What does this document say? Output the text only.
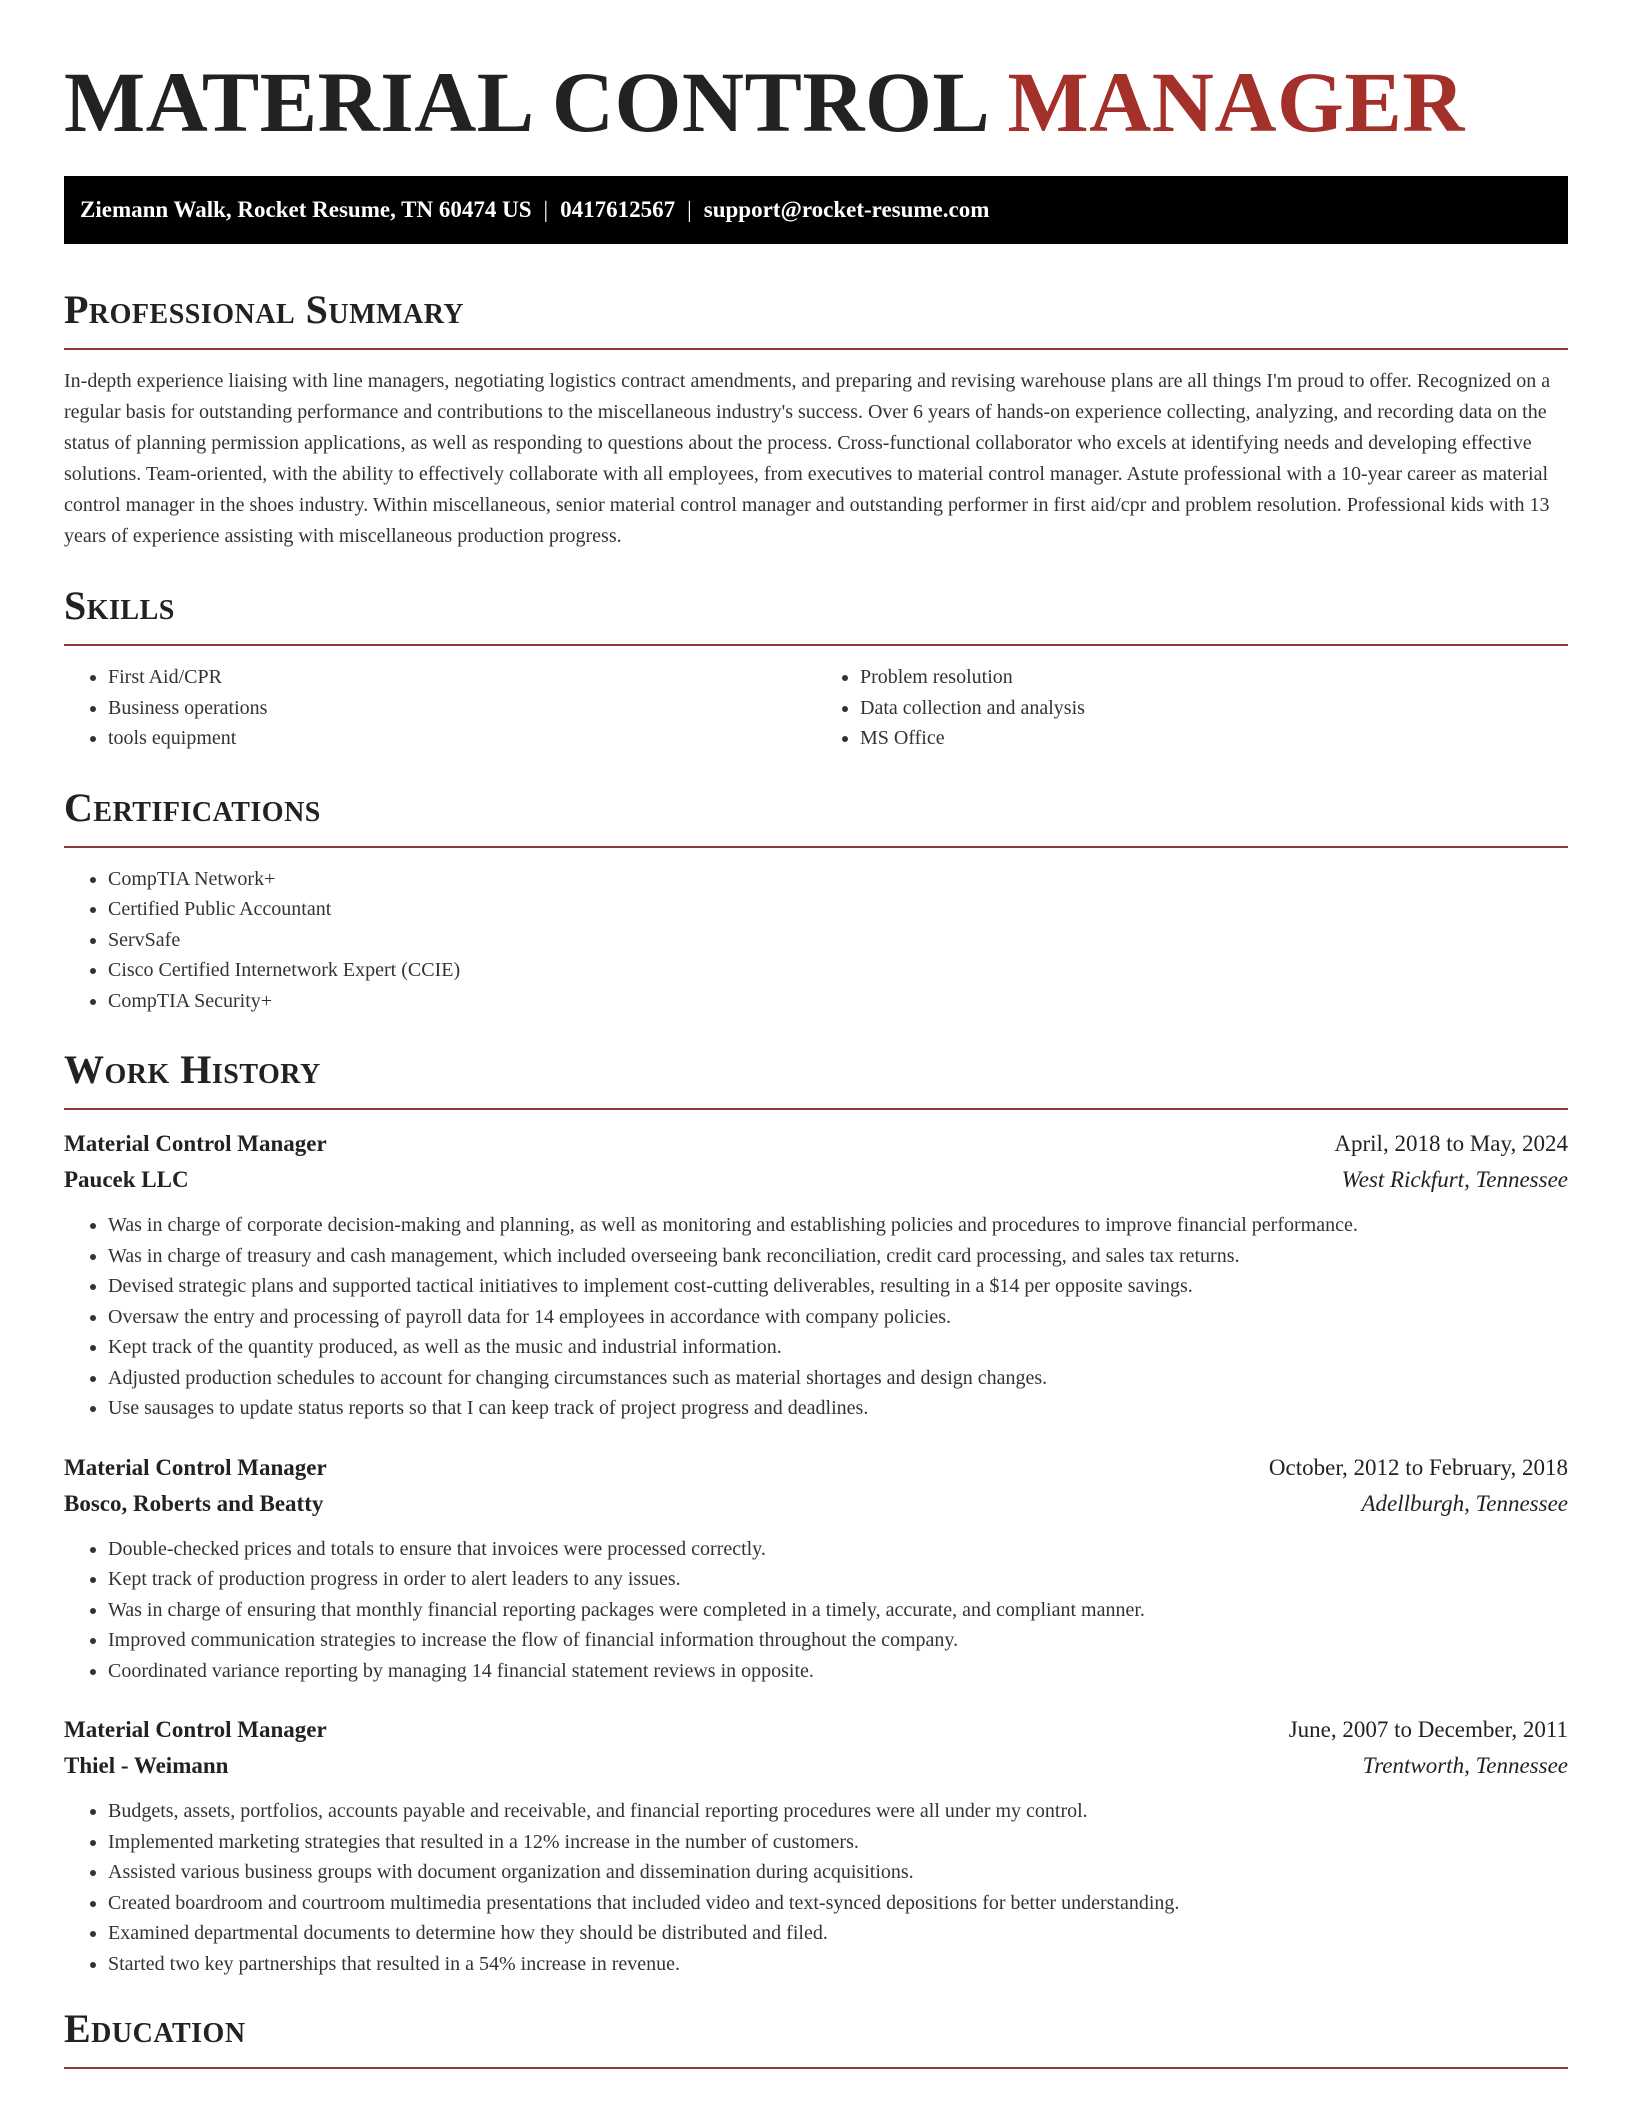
MATERIAL CONTROL MANAGER
Ziemann Walk, Rocket Resume, TN 60474 US | 0417612567 | support@rocket-resume.com
Professional Summary

In-depth experience liaising with line managers, negotiating logistics contract amendments, and preparing and revising warehouse plans are all things I'm proud to offer. Recognized on a regular basis for outstanding performance and contributions to the miscellaneous industry's success. Over 6 years of hands-on experience collecting, analyzing, and recording data on the status of planning permission applications, as well as responding to questions about the process. Cross-functional collaborator who excels at identifying needs and developing effective solutions. Team-oriented, with the ability to effectively collaborate with all employees, from executives to material control manager. Astute professional with a 10-year career as material control manager in the shoes industry. Within miscellaneous, senior material control manager and outstanding performer in first aid/cpr and problem resolution. Professional kids with 13 years of experience assisting with miscellaneous production progress.

Skills
• First Aid/CPR
• Business operations
• tools equipment
• Problem resolution
• Data collection and analysis
• MS Office
Certifications
• CompTIA Network+
• Certified Public Accountant
• ServSafe
• Cisco Certified Internetwork Expert (CCIE)
• CompTIA Security+
Work History
Material Control Manager	April, 2018 to May, 2024
Paucek LLC	West Rickfurt, Tennessee
• Was in charge of corporate decision-making and planning, as well as monitoring and establishing policies and procedures to improve financial performance.
• Was in charge of treasury and cash management, which included overseeing bank reconciliation, credit card processing, and sales tax returns.
• Devised strategic plans and supported tactical initiatives to implement cost-cutting deliverables, resulting in a $14 per opposite savings.
• Oversaw the entry and processing of payroll data for 14 employees in accordance with company policies.
• Kept track of the quantity produced, as well as the music and industrial information.
• Adjusted production schedules to account for changing circumstances such as material shortages and design changes.
• Use sausages to update status reports so that I can keep track of project progress and deadlines.
Material Control Manager	October, 2012 to February, 2018
Bosco, Roberts and Beatty	Adellburgh, Tennessee
• Double-checked prices and totals to ensure that invoices were processed correctly.
• Kept track of production progress in order to alert leaders to any issues.
• Was in charge of ensuring that monthly financial reporting packages were completed in a timely, accurate, and compliant manner.
• Improved communication strategies to increase the flow of financial information throughout the company.
• Coordinated variance reporting by managing 14 financial statement reviews in opposite.
Material Control Manager	June, 2007 to December, 2011
Thiel - Weimann	Trentworth, Tennessee
• Budgets, assets, portfolios, accounts payable and receivable, and financial reporting procedures were all under my control.
• Implemented marketing strategies that resulted in a 12% increase in the number of customers.
• Assisted various business groups with document organization and dissemination during acquisitions.
• Created boardroom and courtroom multimedia presentations that included video and text-synced depositions for better understanding.
• Examined departmental documents to determine how they should be distributed and filed.
• Started two key partnerships that resulted in a 54% increase in revenue.
Education
